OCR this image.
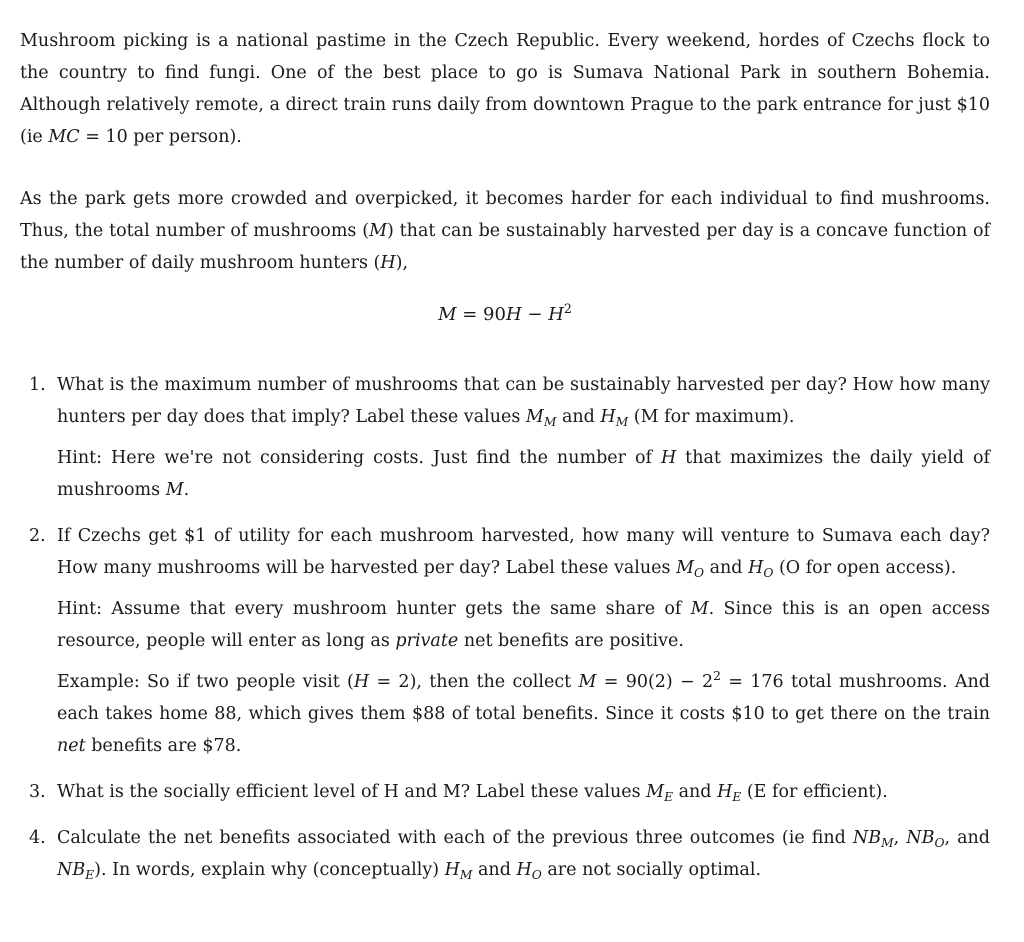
Mushroom picking is a national pastime in the Czech Republic. Every weekend, hordes of Czechs flock to the country to find fungi. One of the best place to go is Sumava National Park in southern Bohemia. Although relatively remote, a direct train runs daily from downtown Prague to the park entrance for just $10 (ie MC = 10 per person).

As the park gets more crowded and overpicked, it becomes harder for each individual to find mushrooms. Thus, the total number of mushrooms (M) that can be sustainably harvested per day is a concave function of the number of daily mushroom hunters (H),

$M = 90H - H^2$
1. What is the maximum number of mushrooms that can be sustainably harvested per day? How how many hunters per day does that imply? Label these values $M_M$ and $H_M$ (M for maximum).

Hint: Here we're not considering costs. Just find the number of H that maximizes the daily yield of mushrooms M.

2. If Czechs get $1 of utility for each mushroom harvested, how many will venture to Sumava each day? How many mushrooms will be harvested per day? Label these values $M_O$ and $H_O$ (O for open access).

Hint: Assume that every mushroom hunter gets the same share of M. Since this is an open access resource, people will enter as long as private net benefits are positive.

Example: So if two people visit (H = 2), then the collect $M = 90(2) - 2^2 = 176$ total mushrooms. And each takes home 88, which gives them $88 of total benefits. Since it costs $10 to get there on the train net benefits are $78.

3. What is the socially efficient level of H and M? Label these values $M_E$ and $H_E$ (E for efficient).

4. Calculate the net benefits associated with each of the previous three outcomes (ie find $NB_M$, $NB_O$, and $NB_E$). In words, explain why (conceptually) $H_M$ and $H_O$ are not socially optimal.
